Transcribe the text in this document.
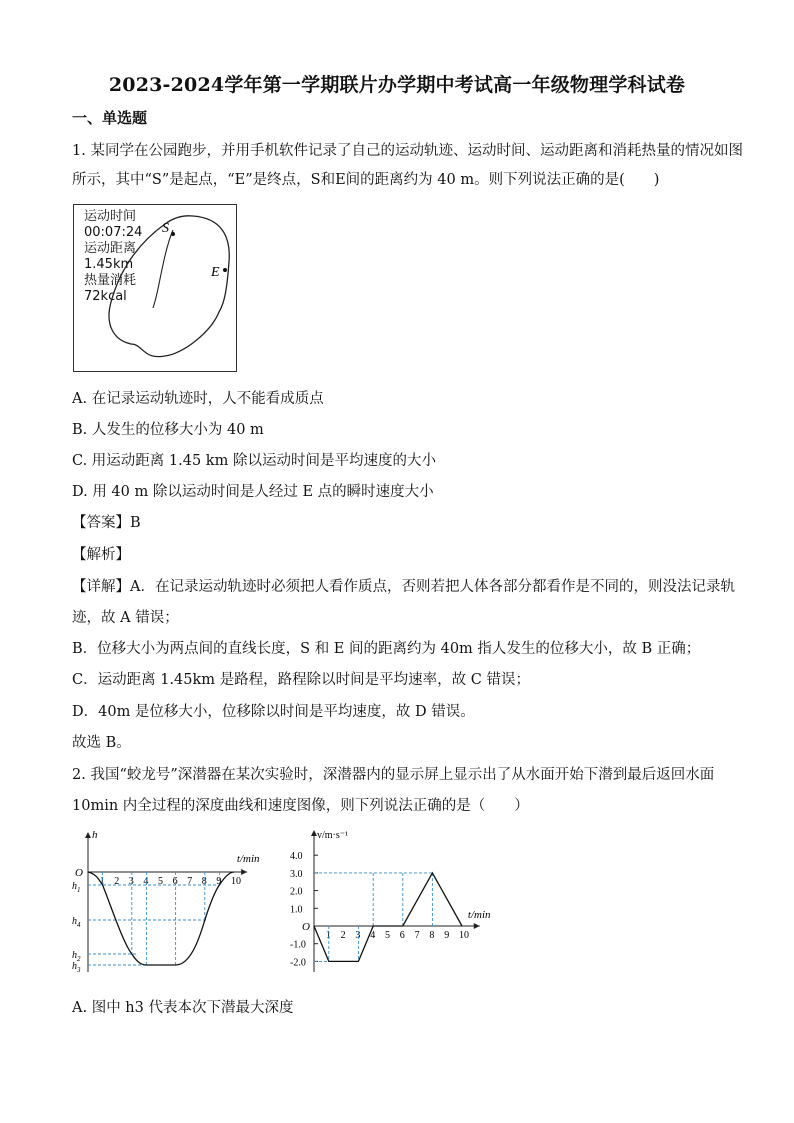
2023-2024学年第一学期联片办学期中考试高一年级物理学科试卷
一、单选题
1. 某同学在公园跑步，并用手机软件记录了自己的运动轨迹、运动时间、运动距离和消耗热量的情况如图
所示，其中“S”是起点，“E”是终点，S和E间的距离约为 40 m。则下列说法正确的是(　　)
运动时间
00:07:24
运动距离
1.45km
热量消耗
72kcal
S
E
A. 在记录运动轨迹时，人不能看成质点
B. 人发生的位移大小为 40 m
C. 用运动距离 1.45 km 除以运动时间是平均速度的大小
D. 用 40 m 除以运动时间是人经过 E 点的瞬时速度大小
【答案】B
【解析】
【详解】A．在记录运动轨迹时必须把人看作质点，否则若把人体各部分都看作是不同的，则没法记录轨
迹，故 A 错误；
B．位移大小为两点间的直线长度，S 和 E 间的距离约为 40m 指人发生的位移大小，故 B 正确；
C．运动距离 1.45km 是路程，路程除以时间是平均速率，故 C 错误；
D．40m 是位移大小，位移除以时间是平均速度，故 D 错误。
故选 B。
2. 我国“蛟龙号”深潜器在某次实验时，深潜器内的显示屏上显示出了从水面开始下潜到最后返回水面
10min 内全过程的深度曲线和速度图像，则下列说法正确的是（　　）
h
t/min
O
1 2 3 4 5 6 7 8 9 10
$h_1$
$h_4$
$h_2$
$h_3$
v/m·s⁻¹
t/min
O
4.0
3.0
2.0
1.0
-1.0
-2.0
1 2 3 4 5 6 7 8 9 10
A. 图中 h3 代表本次下潜最大深度
